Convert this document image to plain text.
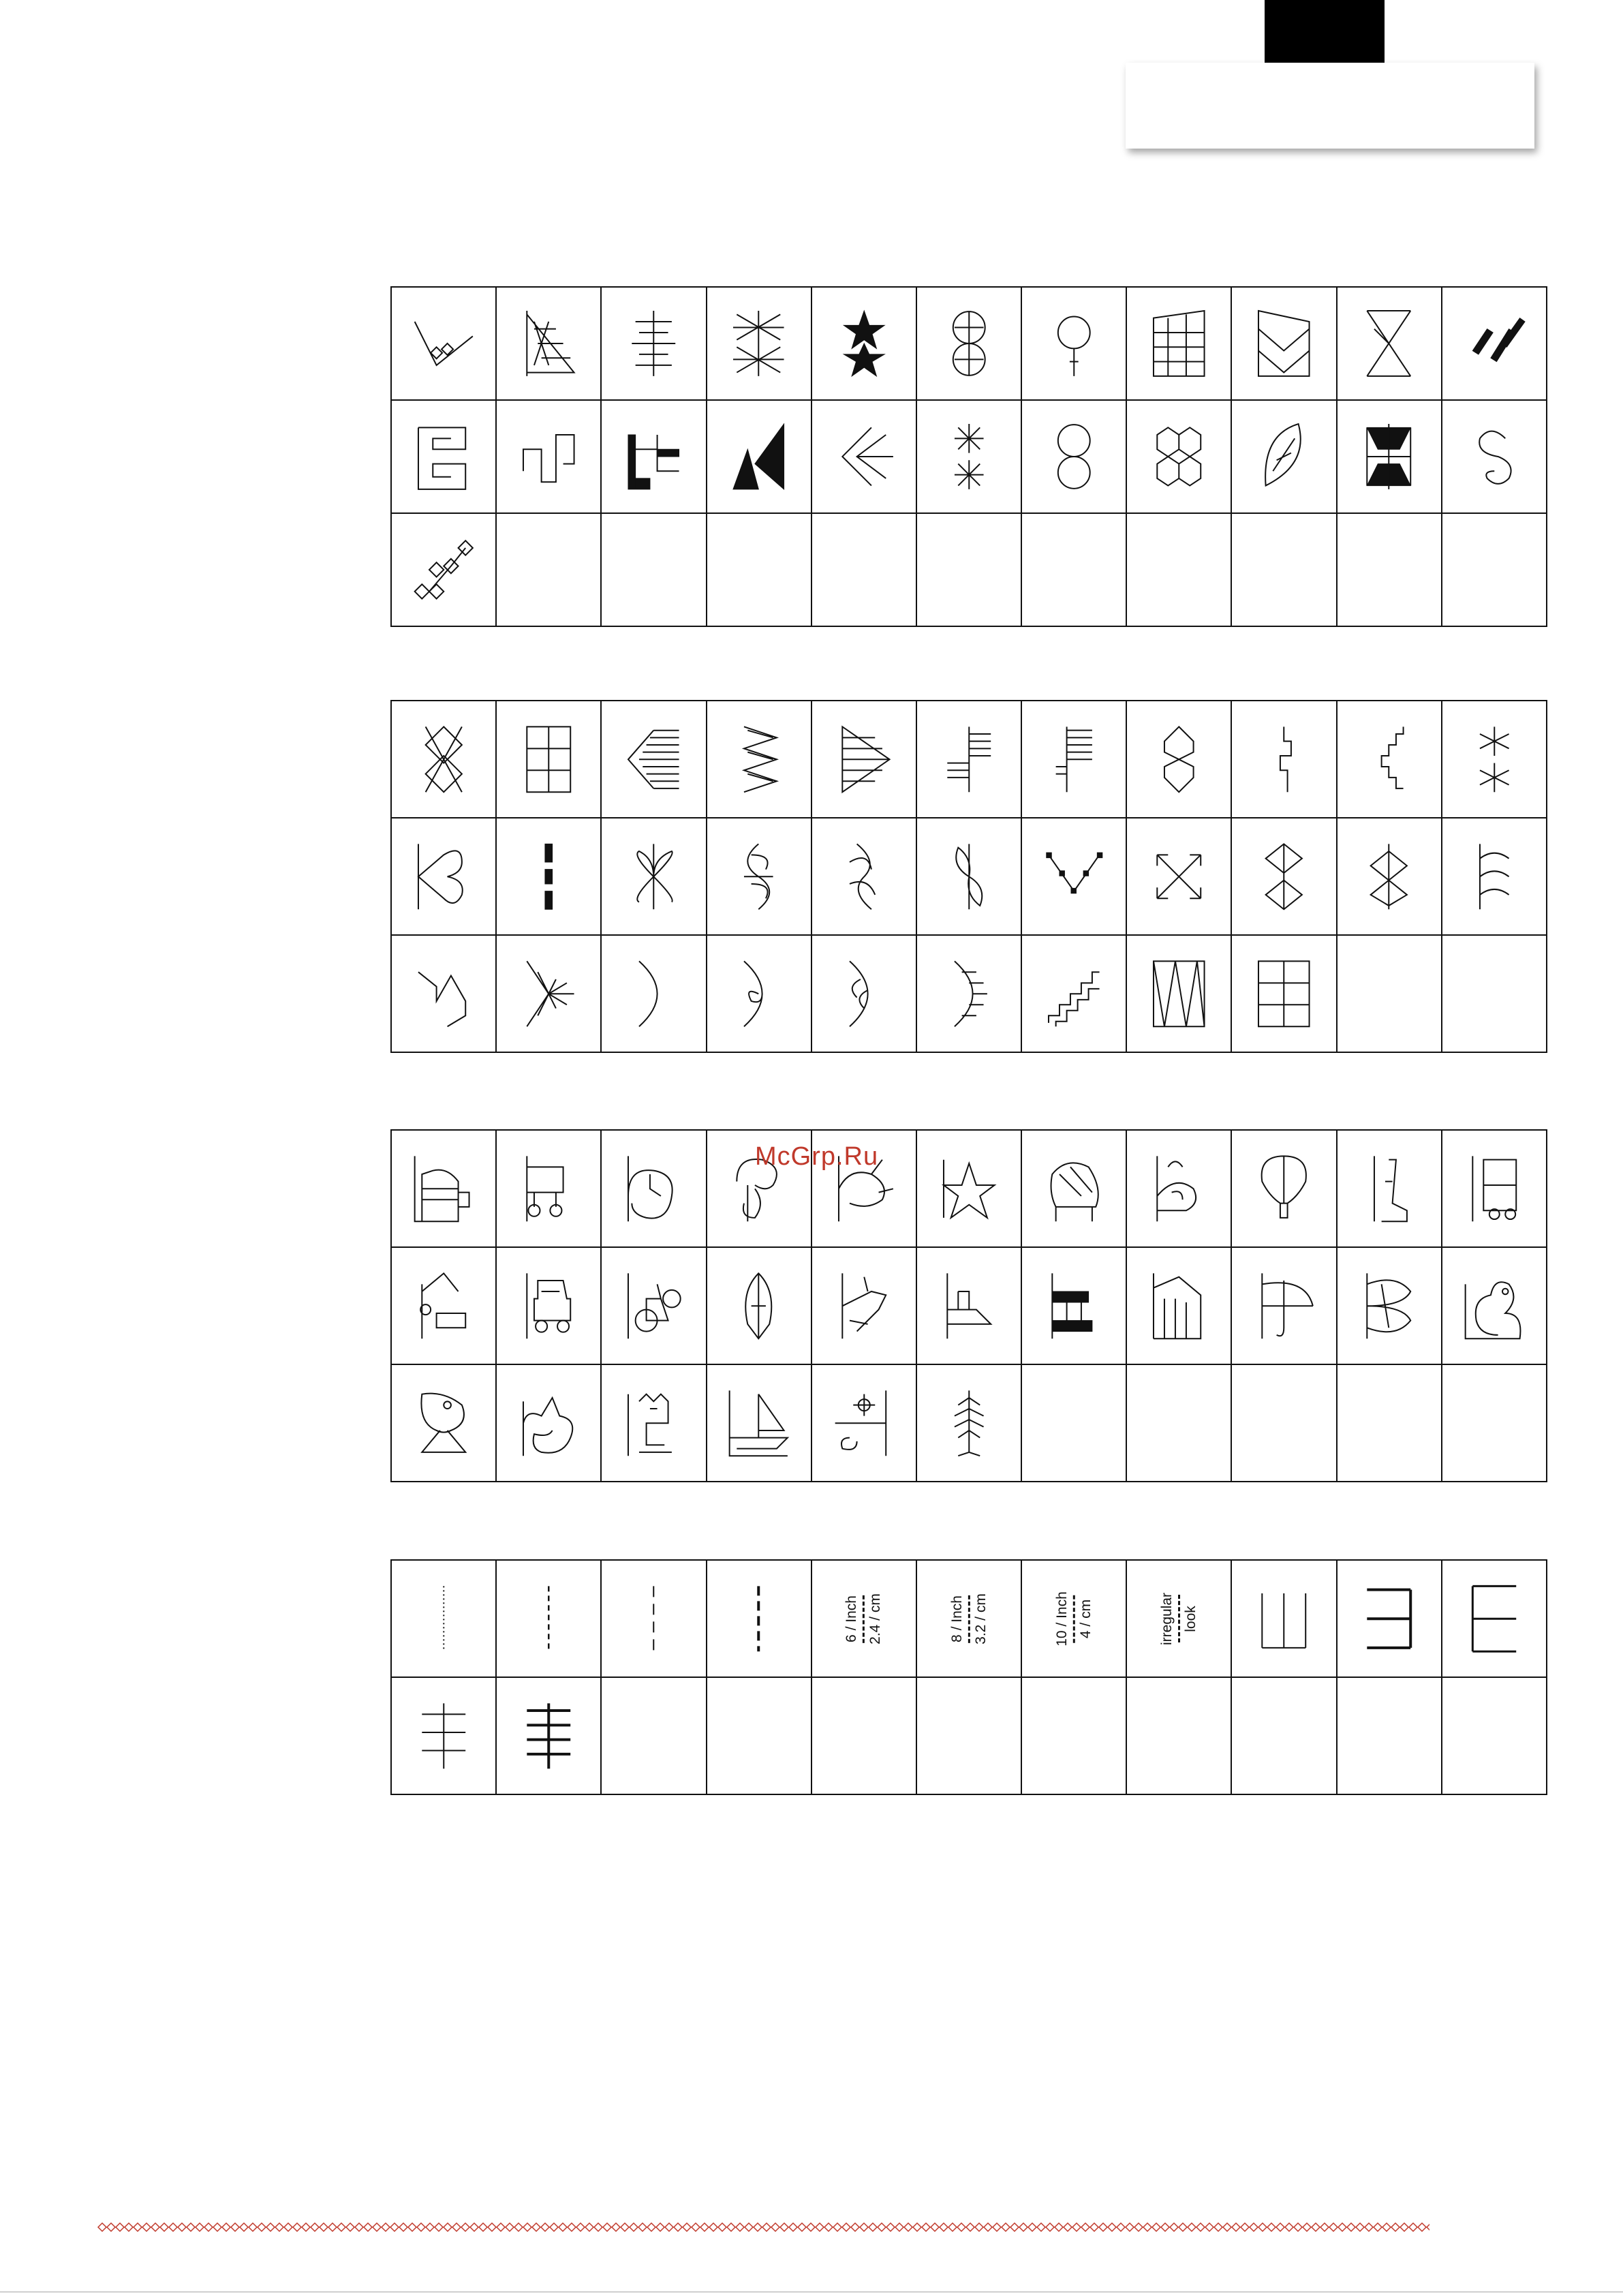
6 / Inch 2.4 / cm	8 / Inch 3.2 / cm	10 / Inch 4 / cm	irregular look
McGrp.Ru
